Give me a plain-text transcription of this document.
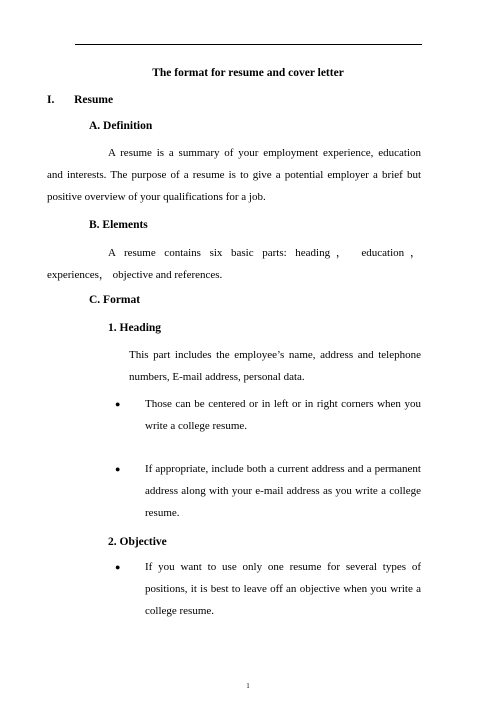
The format for resume and cover letter
I. Resume
A. Definition

A resume is a summary of your employment experience, education and interests. The purpose of a resume is to give a potential employer a brief but positive overview of your qualifications for a job.

B. Elements

A resume contains six basic parts: heading， education， experiences， objective and references.

C. Format
1. Heading

This part includes the employee’s name, address and telephone numbers, E-mail address, personal data.

● Those can be centered or in left or in right corners when you write a college resume.

● If appropriate, include both a current address and a permanent address along with your e-mail address as you write a college resume.

2. Objective
● If you want to use only one resume for several types of positions, it is best to leave off an objective when you write a college resume.

1
